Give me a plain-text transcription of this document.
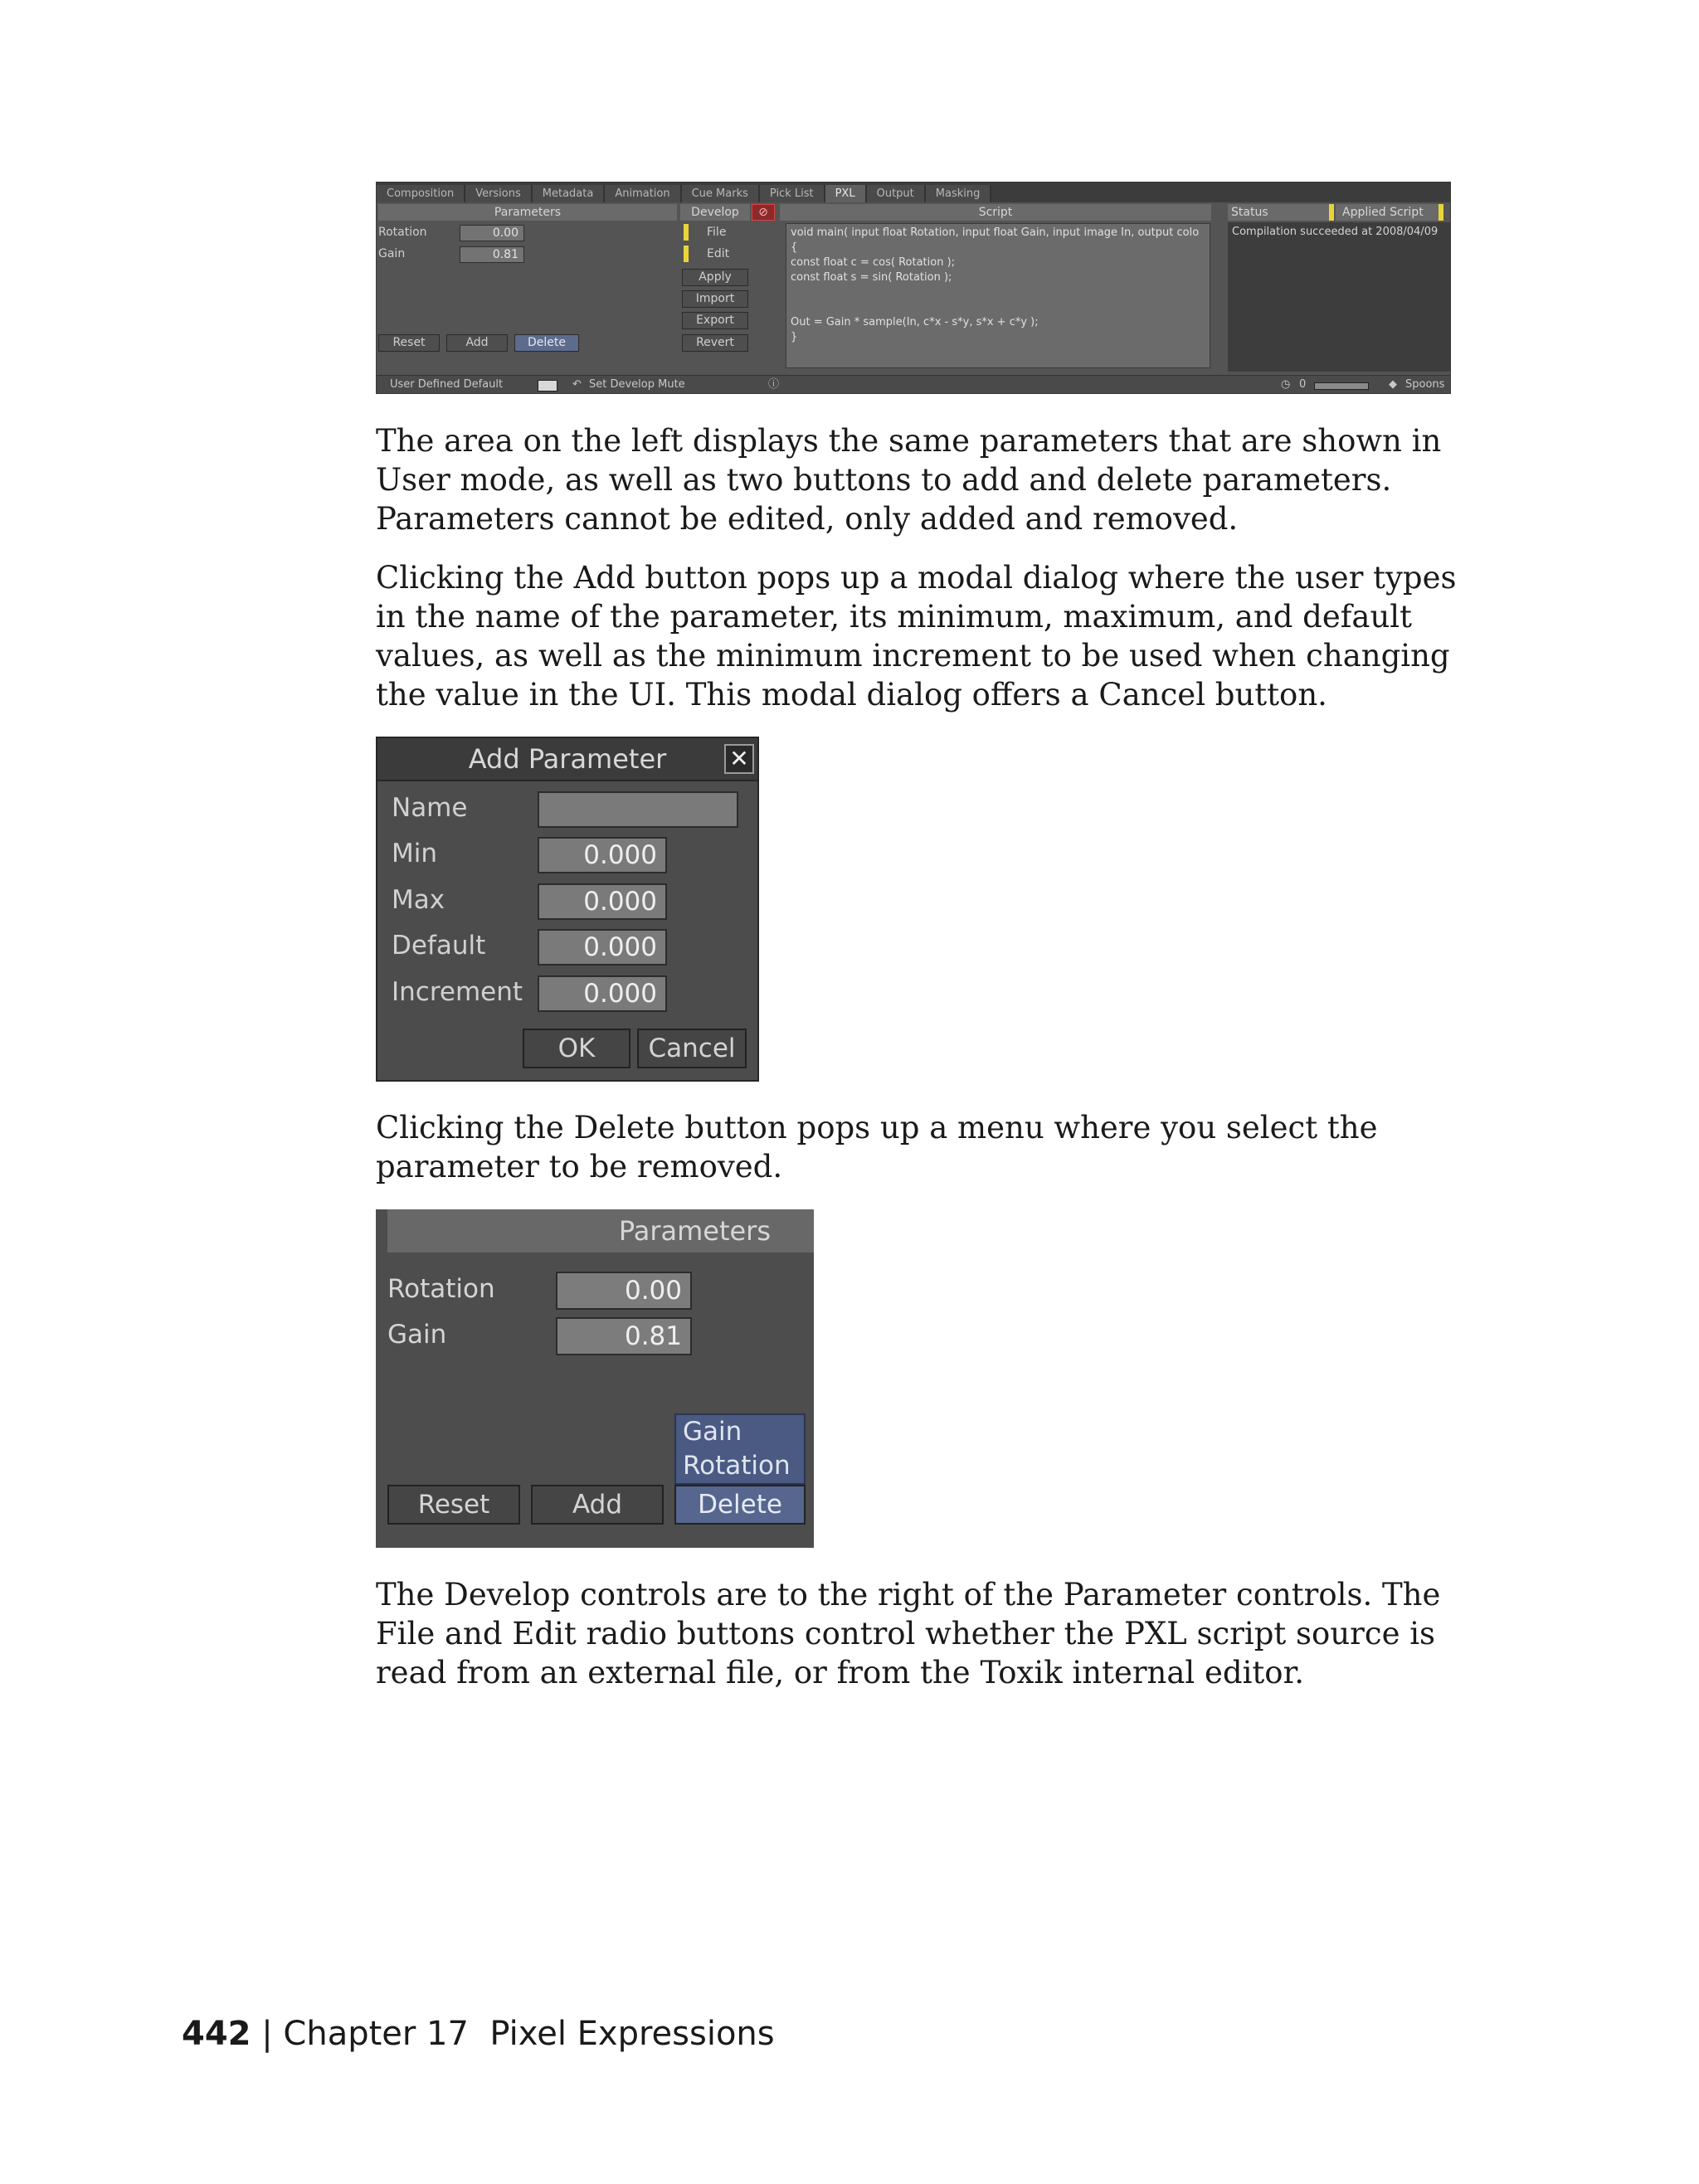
Composition	Versions	Metadata	Animation	Cue Marks	Pick List	PXL	Output	Masking
Parameters
Rotation	0.00
Gain	0.81
Reset	Add	Delete
Develop	⊘
File
Edit
Apply
Import
Export
Revert
Script
void main( input float Rotation, input float Gain, input image In, output colo
{
const float c = cos( Rotation );
const float s = sin( Rotation );

Out = Gain * sample(In, c*x - s*y, s*x + c*y );
}
Status	Applied Script
Compilation succeeded at 2008/04/09
User Defined Default	↶ Set Develop Mute	ⓘ	◷ 0	◆ Spoons

The area on the left displays the same parameters that are shown in User mode, as well as two buttons to add and delete parameters. Parameters cannot be edited, only added and removed.

Clicking the Add button pops up a modal dialog where the user types in the name of the parameter, its minimum, maximum, and default values, as well as the minimum increment to be used when changing the value in the UI. This modal dialog offers a Cancel button.

Add Parameter	✕
Name
Min	0.000
Max	0.000
Default	0.000
Increment	0.000
OK	Cancel

Clicking the Delete button pops up a menu where you select the parameter to be removed.

Parameters
Rotation	0.00
Gain	0.81
Gain
Rotation
Reset	Add	Delete

The Develop controls are to the right of the Parameter controls. The File and Edit radio buttons control whether the PXL script source is read from an external file, or from the Toxik internal editor.

442 | Chapter 17 Pixel Expressions
